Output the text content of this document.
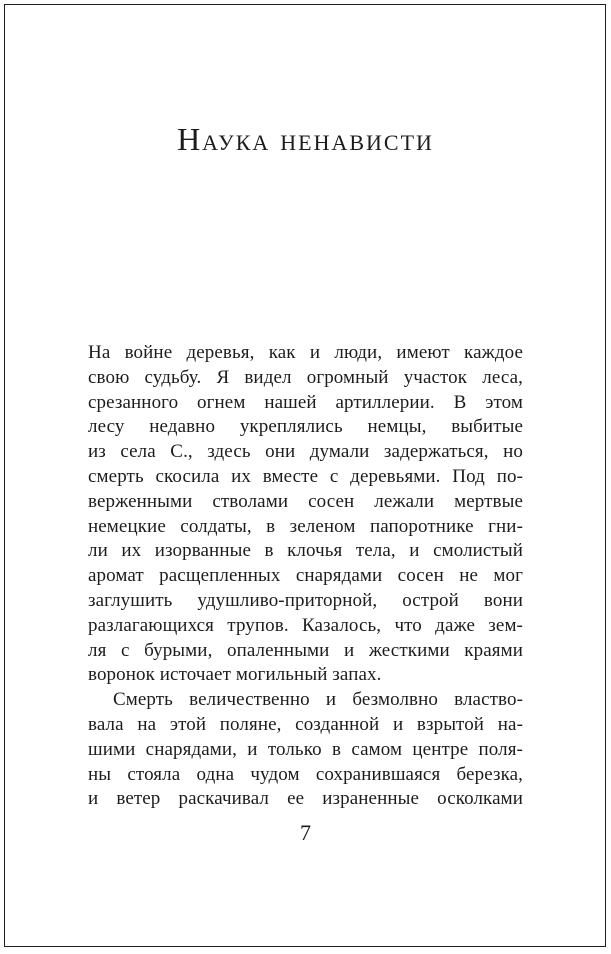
Наука ненависти
На войне деревья, как и люди, имеют каждое
свою судьбу. Я видел огромный участок леса,
срезанного огнем нашей артиллерии. В этом
лесу недавно укреплялись немцы, выбитые
из села С., здесь они думали задержаться, но
смерть скосила их вместе с деревьями. Под по-
верженными стволами сосен лежали мертвые
немецкие солдаты, в зеленом папоротнике гни-
ли их изорванные в клочья тела, и смолистый
аромат расщепленных снарядами сосен не мог
заглушить удушливо-приторной, острой вони
разлагающихся трупов. Казалось, что даже зем-
ля с бурыми, опаленными и жесткими краями
воронок источает могильный запах.
Смерть величественно и безмолвно властво-
вала на этой поляне, созданной и взрытой на-
шими снарядами, и только в самом центре поля-
ны стояла одна чудом сохранившаяся березка,
и ветер раскачивал ее израненные осколками
7
